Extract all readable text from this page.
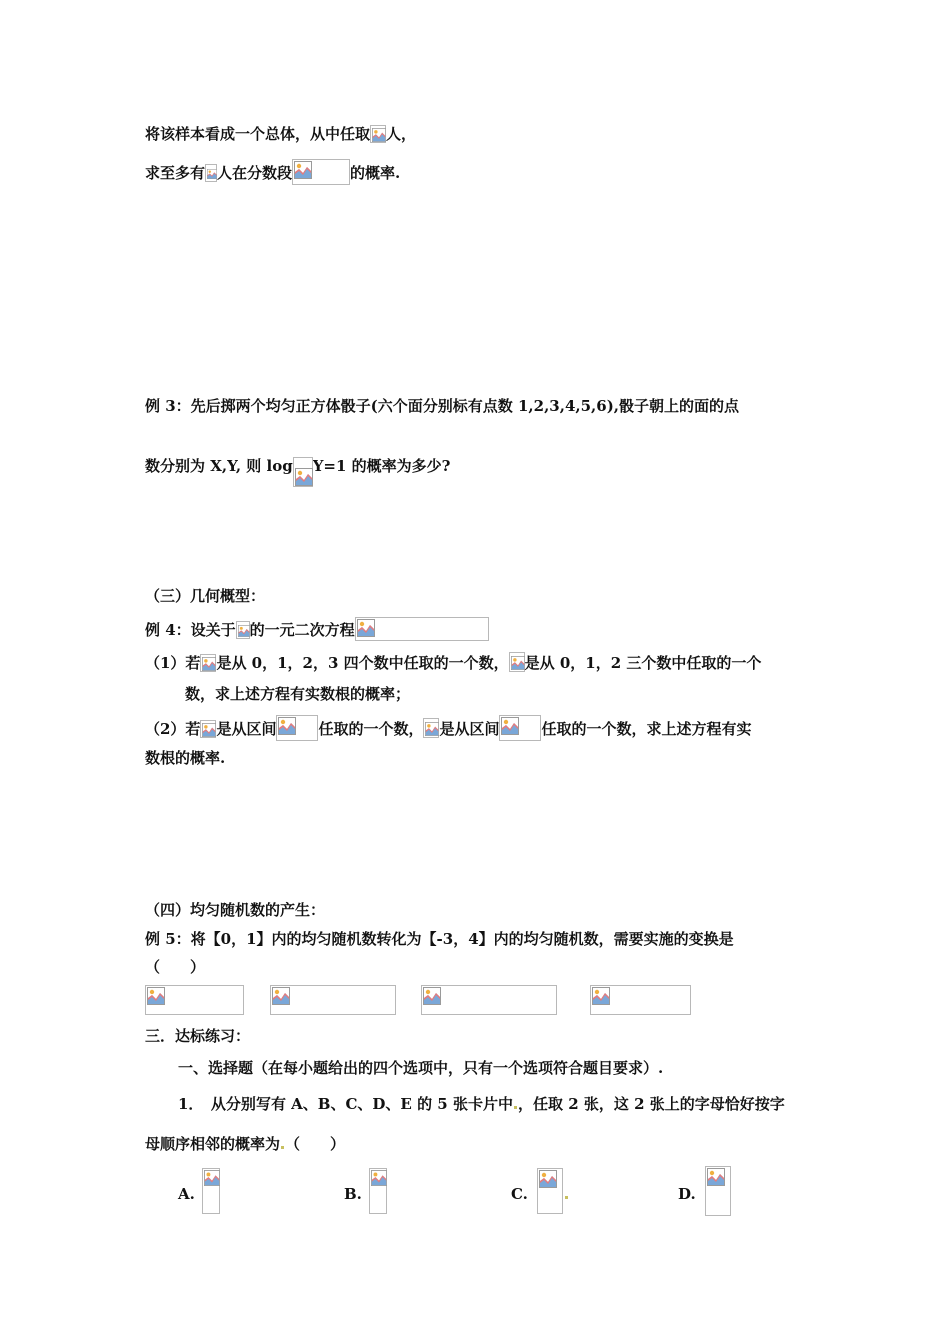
将该样本看成一个总体，从中任取 人，
求至多有 人在分数段	的概率.
例 3：先后掷两个均匀正方体骰子(六个面分别标有点数 1,2,3,4,5,6),骰子朝上的面的点
数分别为 X,Y, 则 log Y=1 的概率为多少?
（三）几何概型：
例 4：设关于 的一元二次方程
（1）若 是从 0，1，2，3 四个数中任取的一个数， 是从 0，1，2 三个数中任取的一个
数，求上述方程有实数根的概率；
（2）若 是从区间	任取的一个数， 是从区间	任取的一个数，求上述方程有实
数根的概率.
（四）均匀随机数的产生：
例 5：将【0，1】内的均匀随机数转化为【-3，4】内的均匀随机数，需要实施的变换是
（　　）
三．达标练习：
一、选择题（在每小题给出的四个选项中，只有一个选项符合题目要求）.
1．　从分别写有 A、B、C、D、E 的 5 张卡片中 ，任取 2 张，这 2 张上的字母恰好按字
母顺序相邻的概率为 （　　）
A.	B.	C.	D.
